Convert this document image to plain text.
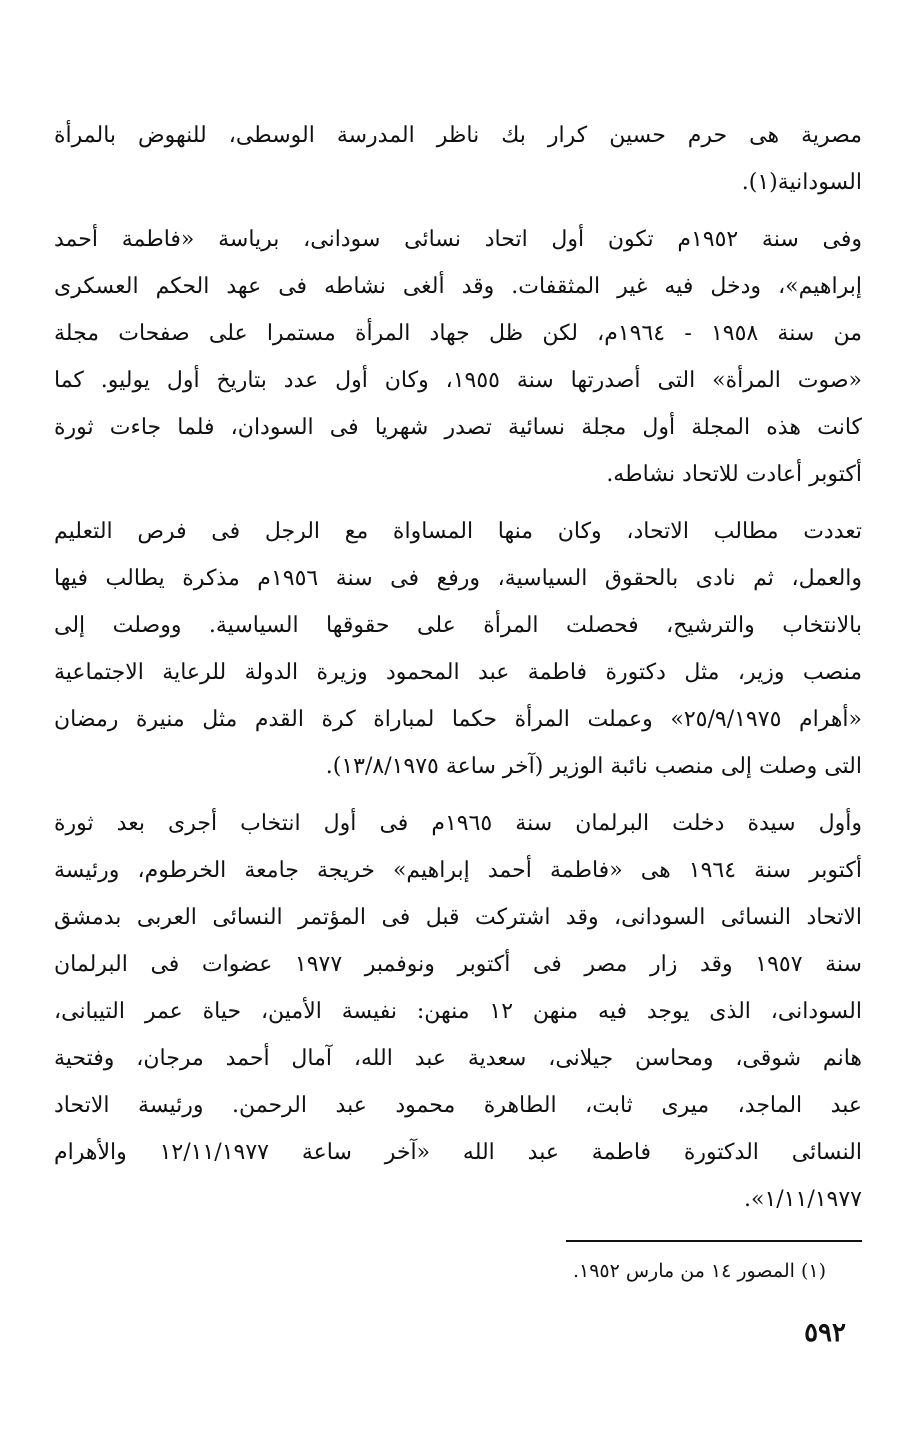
مصرية هى حرم حسين كرار بك ناظر المدرسة الوسطى، للنهوض بالمرأة
السودانية(١).
وفى سنة ١٩٥٢م تكون أول اتحاد نسائى سودانى، برياسة «فاطمة أحمد
إبراهيم»، ودخل فيه غير المثقفات. وقد ألغى نشاطه فى عهد الحكم العسكرى
من سنة ١٩٥٨ - ١٩٦٤م، لكن ظل جهاد المرأة مستمرا على صفحات مجلة
«صوت المرأة» التى أصدرتها سنة ١٩٥٥، وكان أول عدد بتاريخ أول يوليو. كما
كانت هذه المجلة أول مجلة نسائية تصدر شهريا فى السودان، فلما جاءت ثورة
أكتوبر أعادت للاتحاد نشاطه.
تعددت مطالب الاتحاد، وكان منها المساواة مع الرجل فى فرص التعليم
والعمل، ثم نادى بالحقوق السياسية، ورفع فى سنة ١٩٥٦م مذكرة يطالب فيها
بالانتخاب والترشيح، فحصلت المرأة على حقوقها السياسية. ووصلت إلى
منصب وزير، مثل دكتورة فاطمة عبد المحمود وزيرة الدولة للرعاية الاجتماعية
«أهرام ٢٥/٩/١٩٧٥» وعملت المرأة حكما لمباراة كرة القدم مثل منيرة رمضان
التى وصلت إلى منصب نائبة الوزير (آخر ساعة ١٣/٨/١٩٧٥).
وأول سيدة دخلت البرلمان سنة ١٩٦٥م فى أول انتخاب أجرى بعد ثورة
أكتوبر سنة ١٩٦٤ هى «فاطمة أحمد إبراهيم» خريجة جامعة الخرطوم، ورئيسة
الاتحاد النسائى السودانى، وقد اشتركت قبل فى المؤتمر النسائى العربى بدمشق
سنة ١٩٥٧ وقد زار مصر فى أكتوبر ونوفمبر ١٩٧٧ عضوات فى البرلمان
السودانى، الذى يوجد فيه منهن ١٢ منهن: نفيسة الأمين، حياة عمر التيبانى،
هانم شوقى، ومحاسن جيلانى، سعدية عبد الله، آمال أحمد مرجان، وفتحية
عبد الماجد، ميرى ثابت، الطاهرة محمود عبد الرحمن. ورئيسة الاتحاد
النسائى الدكتورة فاطمة عبد الله «آخر ساعة ١٢/١١/١٩٧٧ والأهرام
١/١١/١٩٧٧».
(١) المصور ١٤ من مارس ١٩٥٢.
٥٩٢
